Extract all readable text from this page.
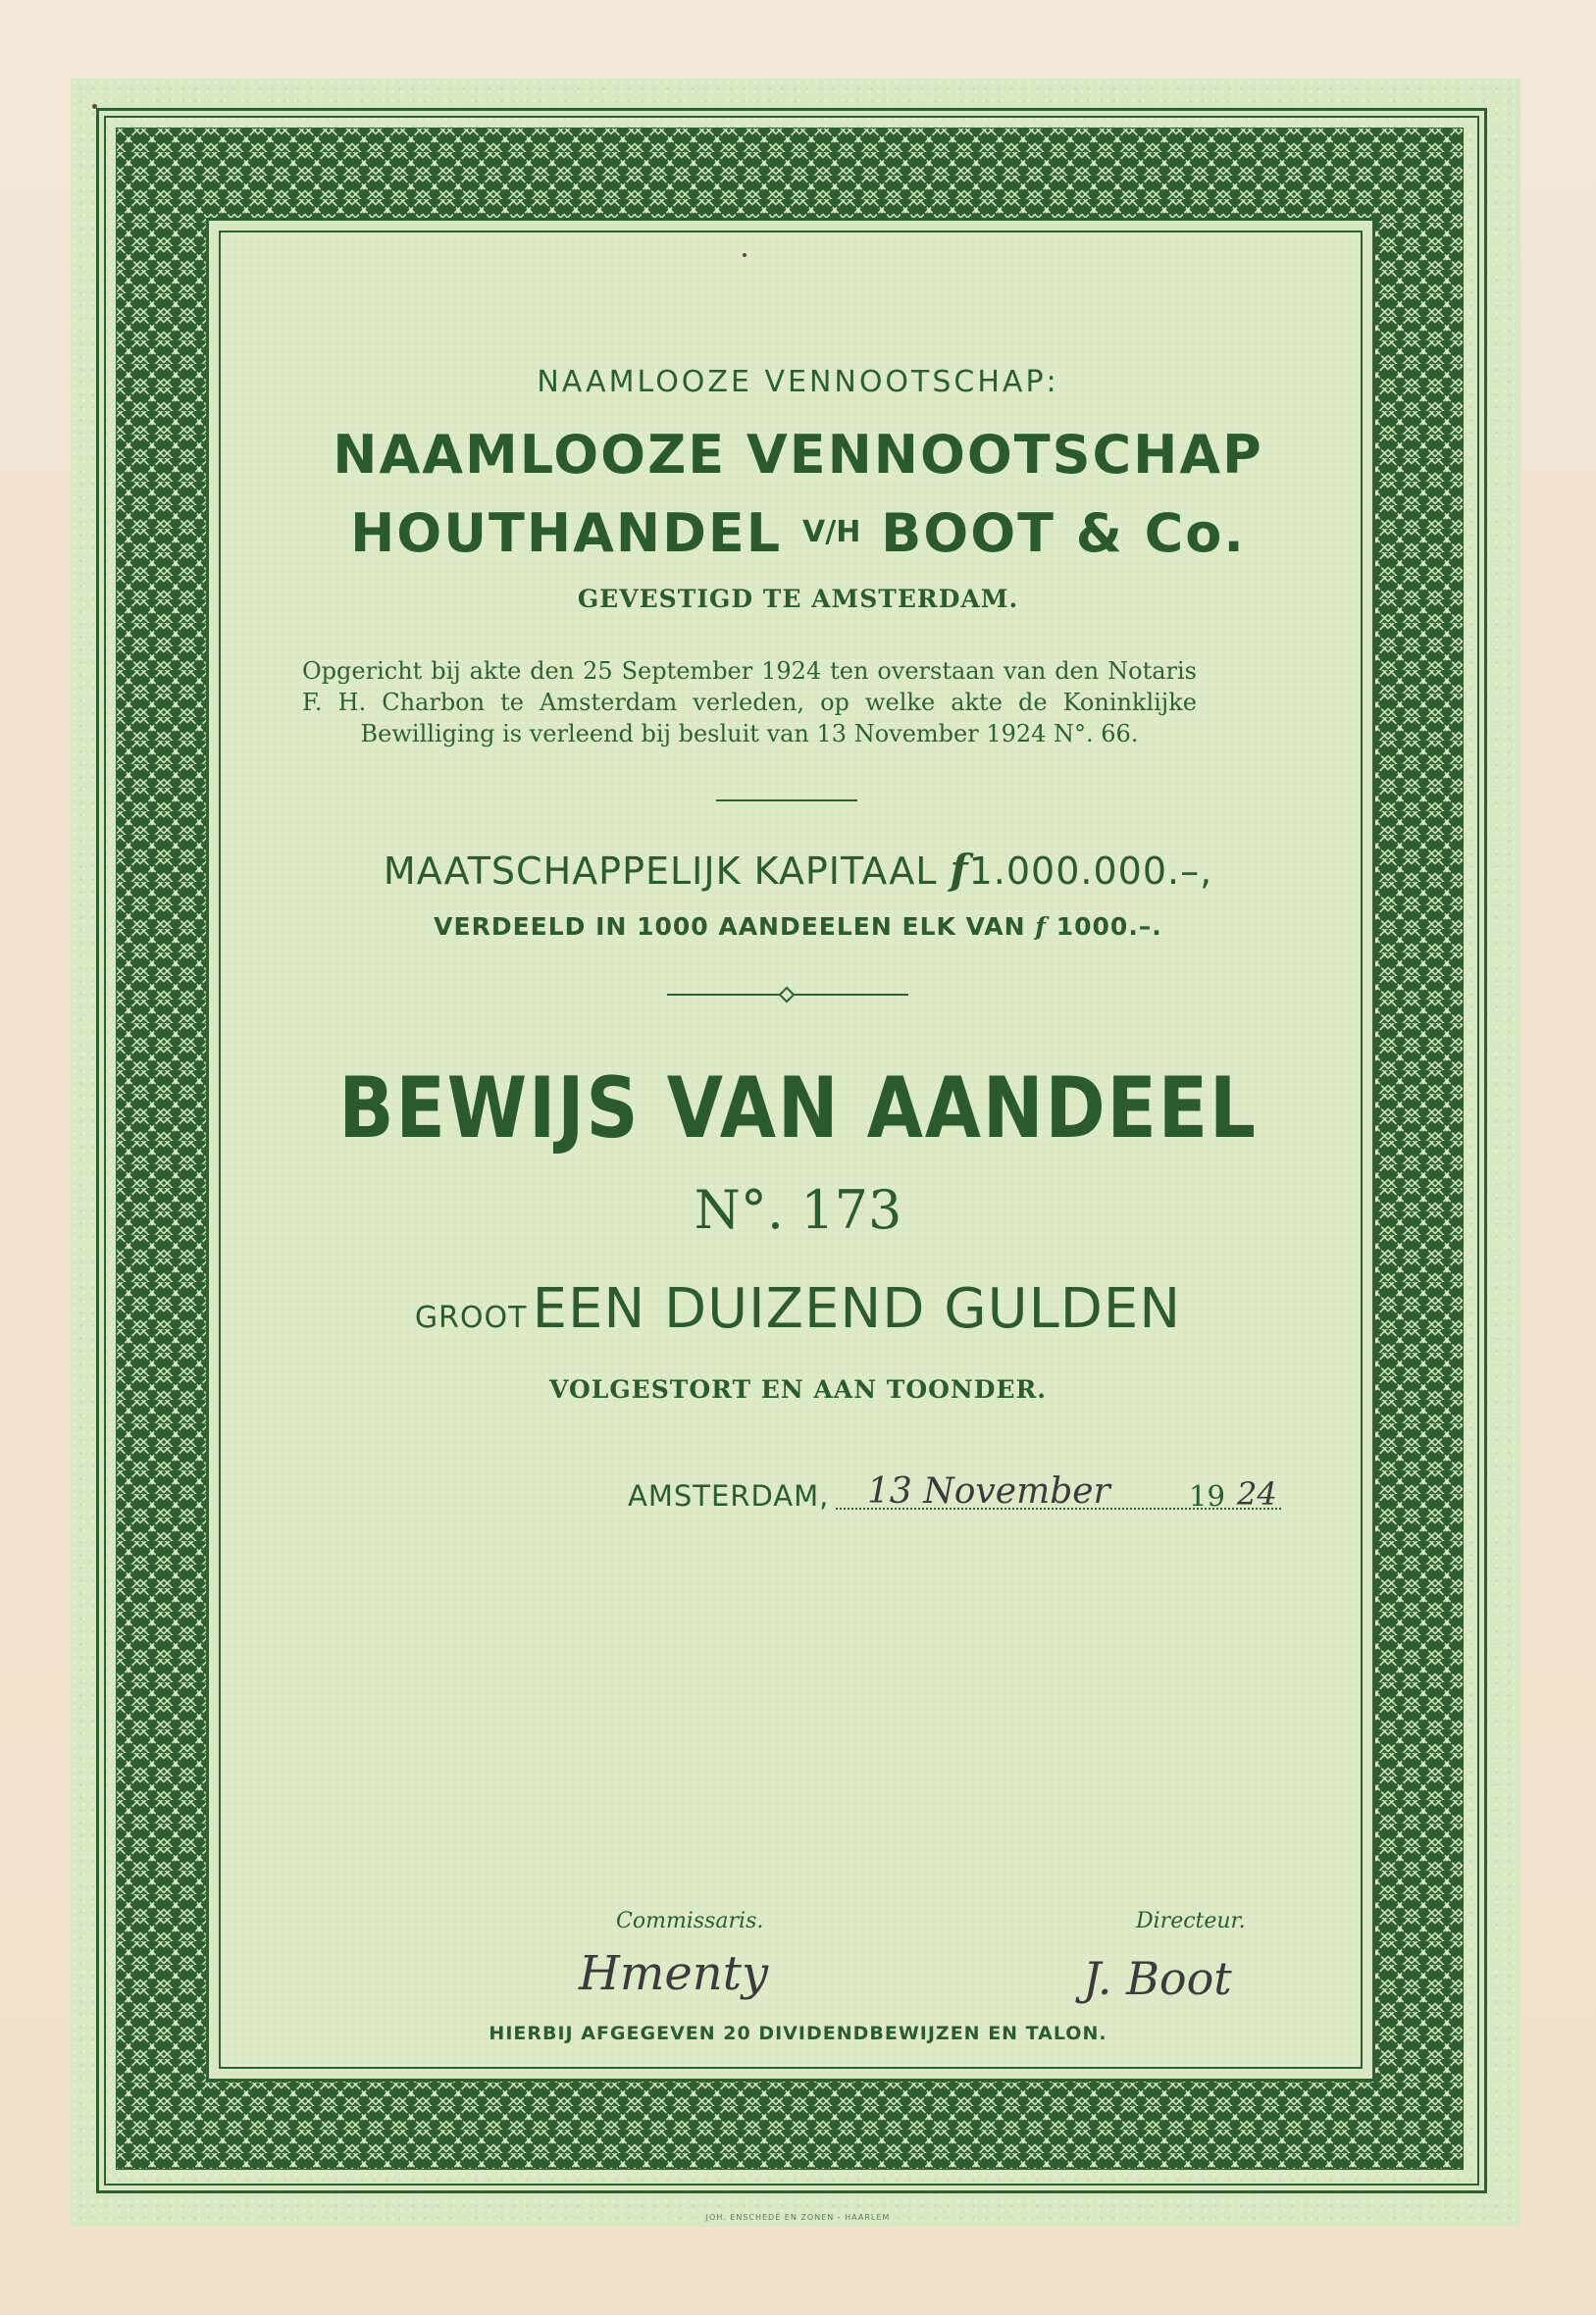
NAAMLOOZE VENNOOTSCHAP:
NAAMLOOZE VENNOOTSCHAP
HOUTHANDEL V/H BOOT & Co.
GEVESTIGD TE AMSTERDAM.
Opgericht bij akte den 25 September 1924 ten overstaan van den Notaris F. H. Charbon te Amsterdam verleden, op welke akte de Koninklijke Bewilliging is verleend bij besluit van 13 November 1924 N°. 66.
MAATSCHAPPELIJK KAPITAAL f1.000.000.–,
VERDEELD IN 1000 AANDEELEN ELK VAN f 1000.–.
BEWIJS VAN AANDEEL
N°. 173
GROOT EEN DUIZEND GULDEN
VOLGESTORT EN AAN TOONDER.
AMSTERDAM, 13 November	19 24
Commissaris.	Directeur.
Hmenty	J. Boot
HIERBIJ AFGEGEVEN 20 DIVIDENDBEWIJZEN EN TALON.
JOH. ENSCHEDÉ EN ZONEN - HAARLEM
